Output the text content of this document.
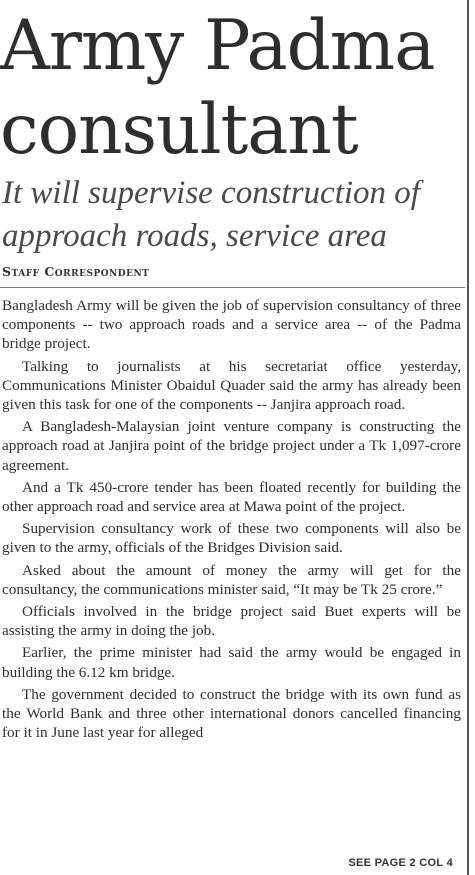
Army Padma
consultant
It will supervise construction of
approach roads, service area
Staff Correspondent

Bangladesh Army will be given the job of supervision consultancy of three components -- two approach roads and a service area -- of the Padma bridge project.

Talking to journalists at his secretariat office yesterday, Communications Minister Obaidul Quader said the army has already been given this task for one of the components -- Janjira approach road.

A Bangladesh-Malaysian joint venture company is constructing the approach road at Janjira point of the bridge project under a Tk 1,097-crore agreement.

And a Tk 450-crore tender has been floated recently for building the other approach road and service area at Mawa point of the project.

Supervision consultancy work of these two components will also be given to the army, officials of the Bridges Division said.

Asked about the amount of money the army will get for the consultancy, the communications minister said, “It may be Tk 25 crore.”

Officials involved in the bridge project said Buet experts will be assisting the army in doing the job.

Earlier, the prime minister had said the army would be engaged in building the 6.12 km bridge.

The government decided to construct the bridge with its own fund as the World Bank and three other international donors cancelled financing for it in June last year for alleged

SEE PAGE 2 COL 4
